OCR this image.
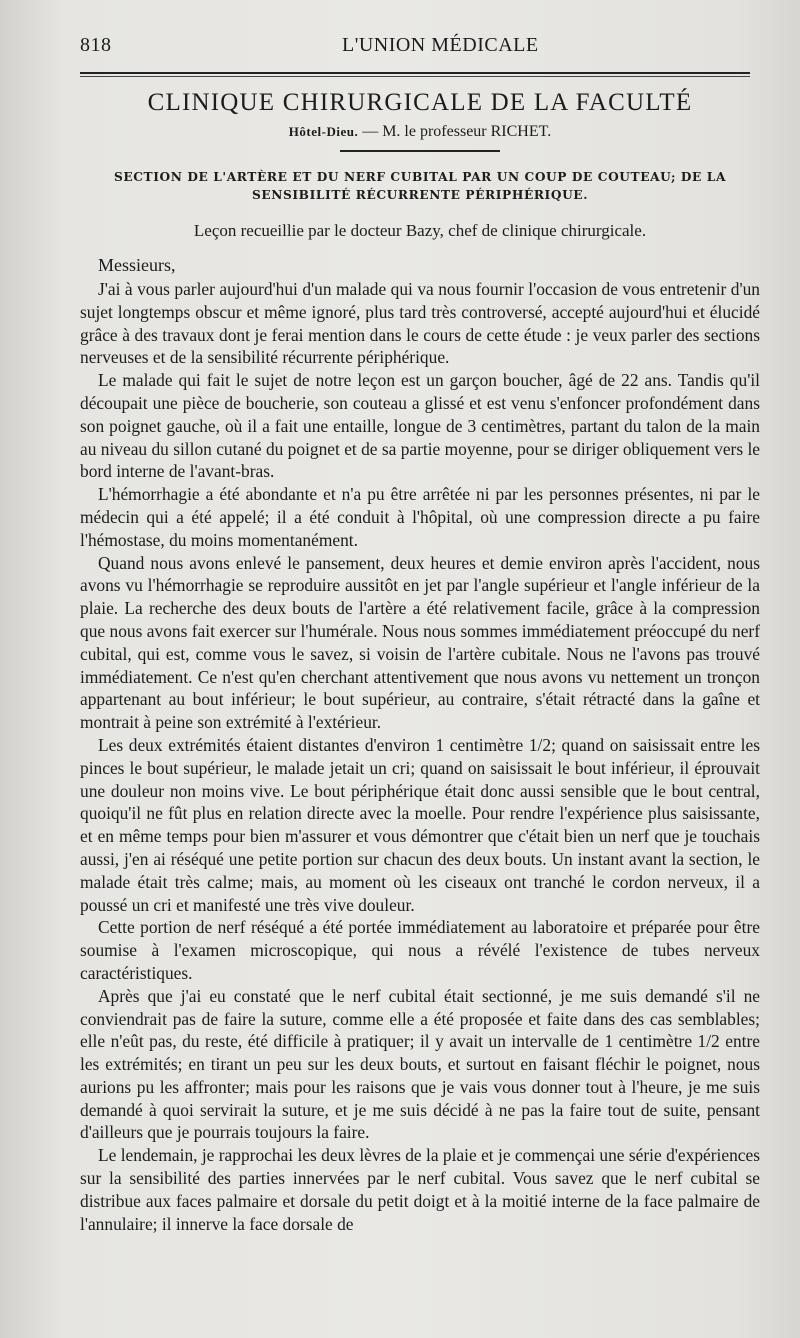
818	L'UNION MÉDICALE
CLINIQUE CHIRURGICALE DE LA FACULTÉ
Hôtel-Dieu. — M. le professeur RICHET.
SECTION DE L'ARTÈRE ET DU NERF CUBITAL PAR UN COUP DE COUTEAU; DE LA
SENSIBILITÉ RÉCURRENTE PÉRIPHÉRIQUE.
Leçon recueillie par le docteur Bazy, chef de clinique chirurgicale.
Messieurs,

J'ai à vous parler aujourd'hui d'un malade qui va nous fournir l'occasion de vous entretenir d'un sujet longtemps obscur et même ignoré, plus tard très controversé, accepté aujourd'hui et élucidé grâce à des travaux dont je ferai mention dans le cours de cette étude : je veux parler des sections nerveuses et de la sensibilité récurrente périphérique.

Le malade qui fait le sujet de notre leçon est un garçon boucher, âgé de 22 ans. Tandis qu'il découpait une pièce de boucherie, son couteau a glissé et est venu s'enfoncer profondément dans son poignet gauche, où il a fait une entaille, longue de 3 centimètres, partant du talon de la main au niveau du sillon cutané du poignet et de sa partie moyenne, pour se diriger obliquement vers le bord interne de l'avant-bras.

L'hémorrhagie a été abondante et n'a pu être arrêtée ni par les personnes présentes, ni par le médecin qui a été appelé; il a été conduit à l'hôpital, où une compression directe a pu faire l'hémostase, du moins momentanément.

Quand nous avons enlevé le pansement, deux heures et demie environ après l'accident, nous avons vu l'hémorrhagie se reproduire aussitôt en jet par l'angle supérieur et l'angle inférieur de la plaie. La recherche des deux bouts de l'artère a été relativement facile, grâce à la compression que nous avons fait exercer sur l'humérale. Nous nous sommes immédiatement préoccupé du nerf cubital, qui est, comme vous le savez, si voisin de l'artère cubitale. Nous ne l'avons pas trouvé immédiatement. Ce n'est qu'en cherchant attentivement que nous avons vu nettement un tronçon appartenant au bout inférieur; le bout supérieur, au contraire, s'était rétracté dans la gaîne et montrait à peine son extrémité à l'extérieur.

Les deux extrémités étaient distantes d'environ 1 centimètre 1/2; quand on saisissait entre les pinces le bout supérieur, le malade jetait un cri; quand on saisissait le bout inférieur, il éprouvait une douleur non moins vive. Le bout périphérique était donc aussi sensible que le bout central, quoiqu'il ne fût plus en relation directe avec la moelle. Pour rendre l'expérience plus saisissante, et en même temps pour bien m'assurer et vous démontrer que c'était bien un nerf que je touchais aussi, j'en ai réséqué une petite portion sur chacun des deux bouts. Un instant avant la section, le malade était très calme; mais, au moment où les ciseaux ont tranché le cordon nerveux, il a poussé un cri et manifesté une très vive douleur.

Cette portion de nerf réséqué a été portée immédiatement au laboratoire et préparée pour être soumise à l'examen microscopique, qui nous a révélé l'existence de tubes nerveux caractéristiques.

Après que j'ai eu constaté que le nerf cubital était sectionné, je me suis demandé s'il ne conviendrait pas de faire la suture, comme elle a été proposée et faite dans des cas semblables; elle n'eût pas, du reste, été difficile à pratiquer; il y avait un intervalle de 1 centimètre 1/2 entre les extrémités; en tirant un peu sur les deux bouts, et surtout en faisant fléchir le poignet, nous aurions pu les affronter; mais pour les raisons que je vais vous donner tout à l'heure, je me suis demandé à quoi servirait la suture, et je me suis décidé à ne pas la faire tout de suite, pensant d'ailleurs que je pourrais toujours la faire.

Le lendemain, je rapprochai les deux lèvres de la plaie et je commençai une série d'expériences sur la sensibilité des parties innervées par le nerf cubital. Vous savez que le nerf cubital se distribue aux faces palmaire et dorsale du petit doigt et à la moitié interne de la face palmaire de l'annulaire; il innerve la face dorsale de
